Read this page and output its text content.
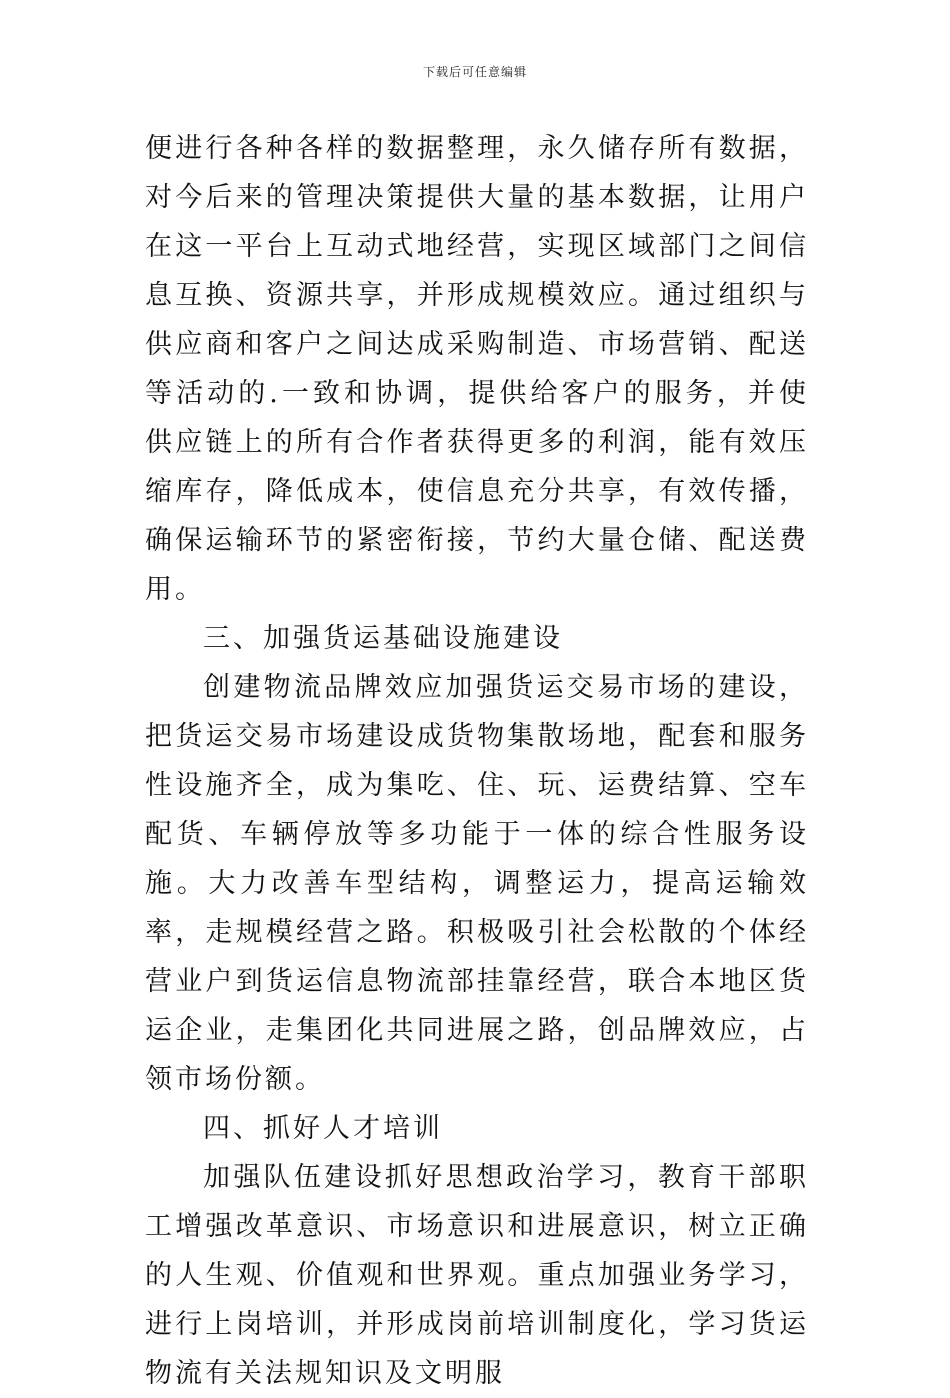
下载后可任意编辑

便进行各种各样的数据整理，永久储存所有数据，对今后来的管理决策提供大量的基本数据，让用户在这一平台上互动式地经营，实现区域部门之间信息互换、资源共享，并形成规模效应。通过组织与供应商和客户之间达成采购制造、市场营销、配送等活动的.一致和协调，提供给客户的服务，并使供应链上的所有合作者获得更多的利润，能有效压缩库存，降低成本，使信息充分共享，有效传播，确保运输环节的紧密衔接，节约大量仓储、配送费用。

三、加强货运基础设施建设

创建物流品牌效应加强货运交易市场的建设，把货运交易市场建设成货物集散场地，配套和服务性设施齐全，成为集吃、住、玩、运费结算、空车配货、车辆停放等多功能于一体的综合性服务设施。大力改善车型结构，调整运力，提高运输效率，走规模经营之路。积极吸引社会松散的个体经营业户到货运信息物流部挂靠经营，联合本地区货运企业，走集团化共同进展之路，创品牌效应，占领市场份额。

四、抓好人才培训

加强队伍建设抓好思想政治学习，教育干部职工增强改革意识、市场意识和进展意识，树立正确的人生观、价值观和世界观。重点加强业务学习，进行上岗培训，并形成岗前培训制度化，学习货运物流有关法规知识及文明服
